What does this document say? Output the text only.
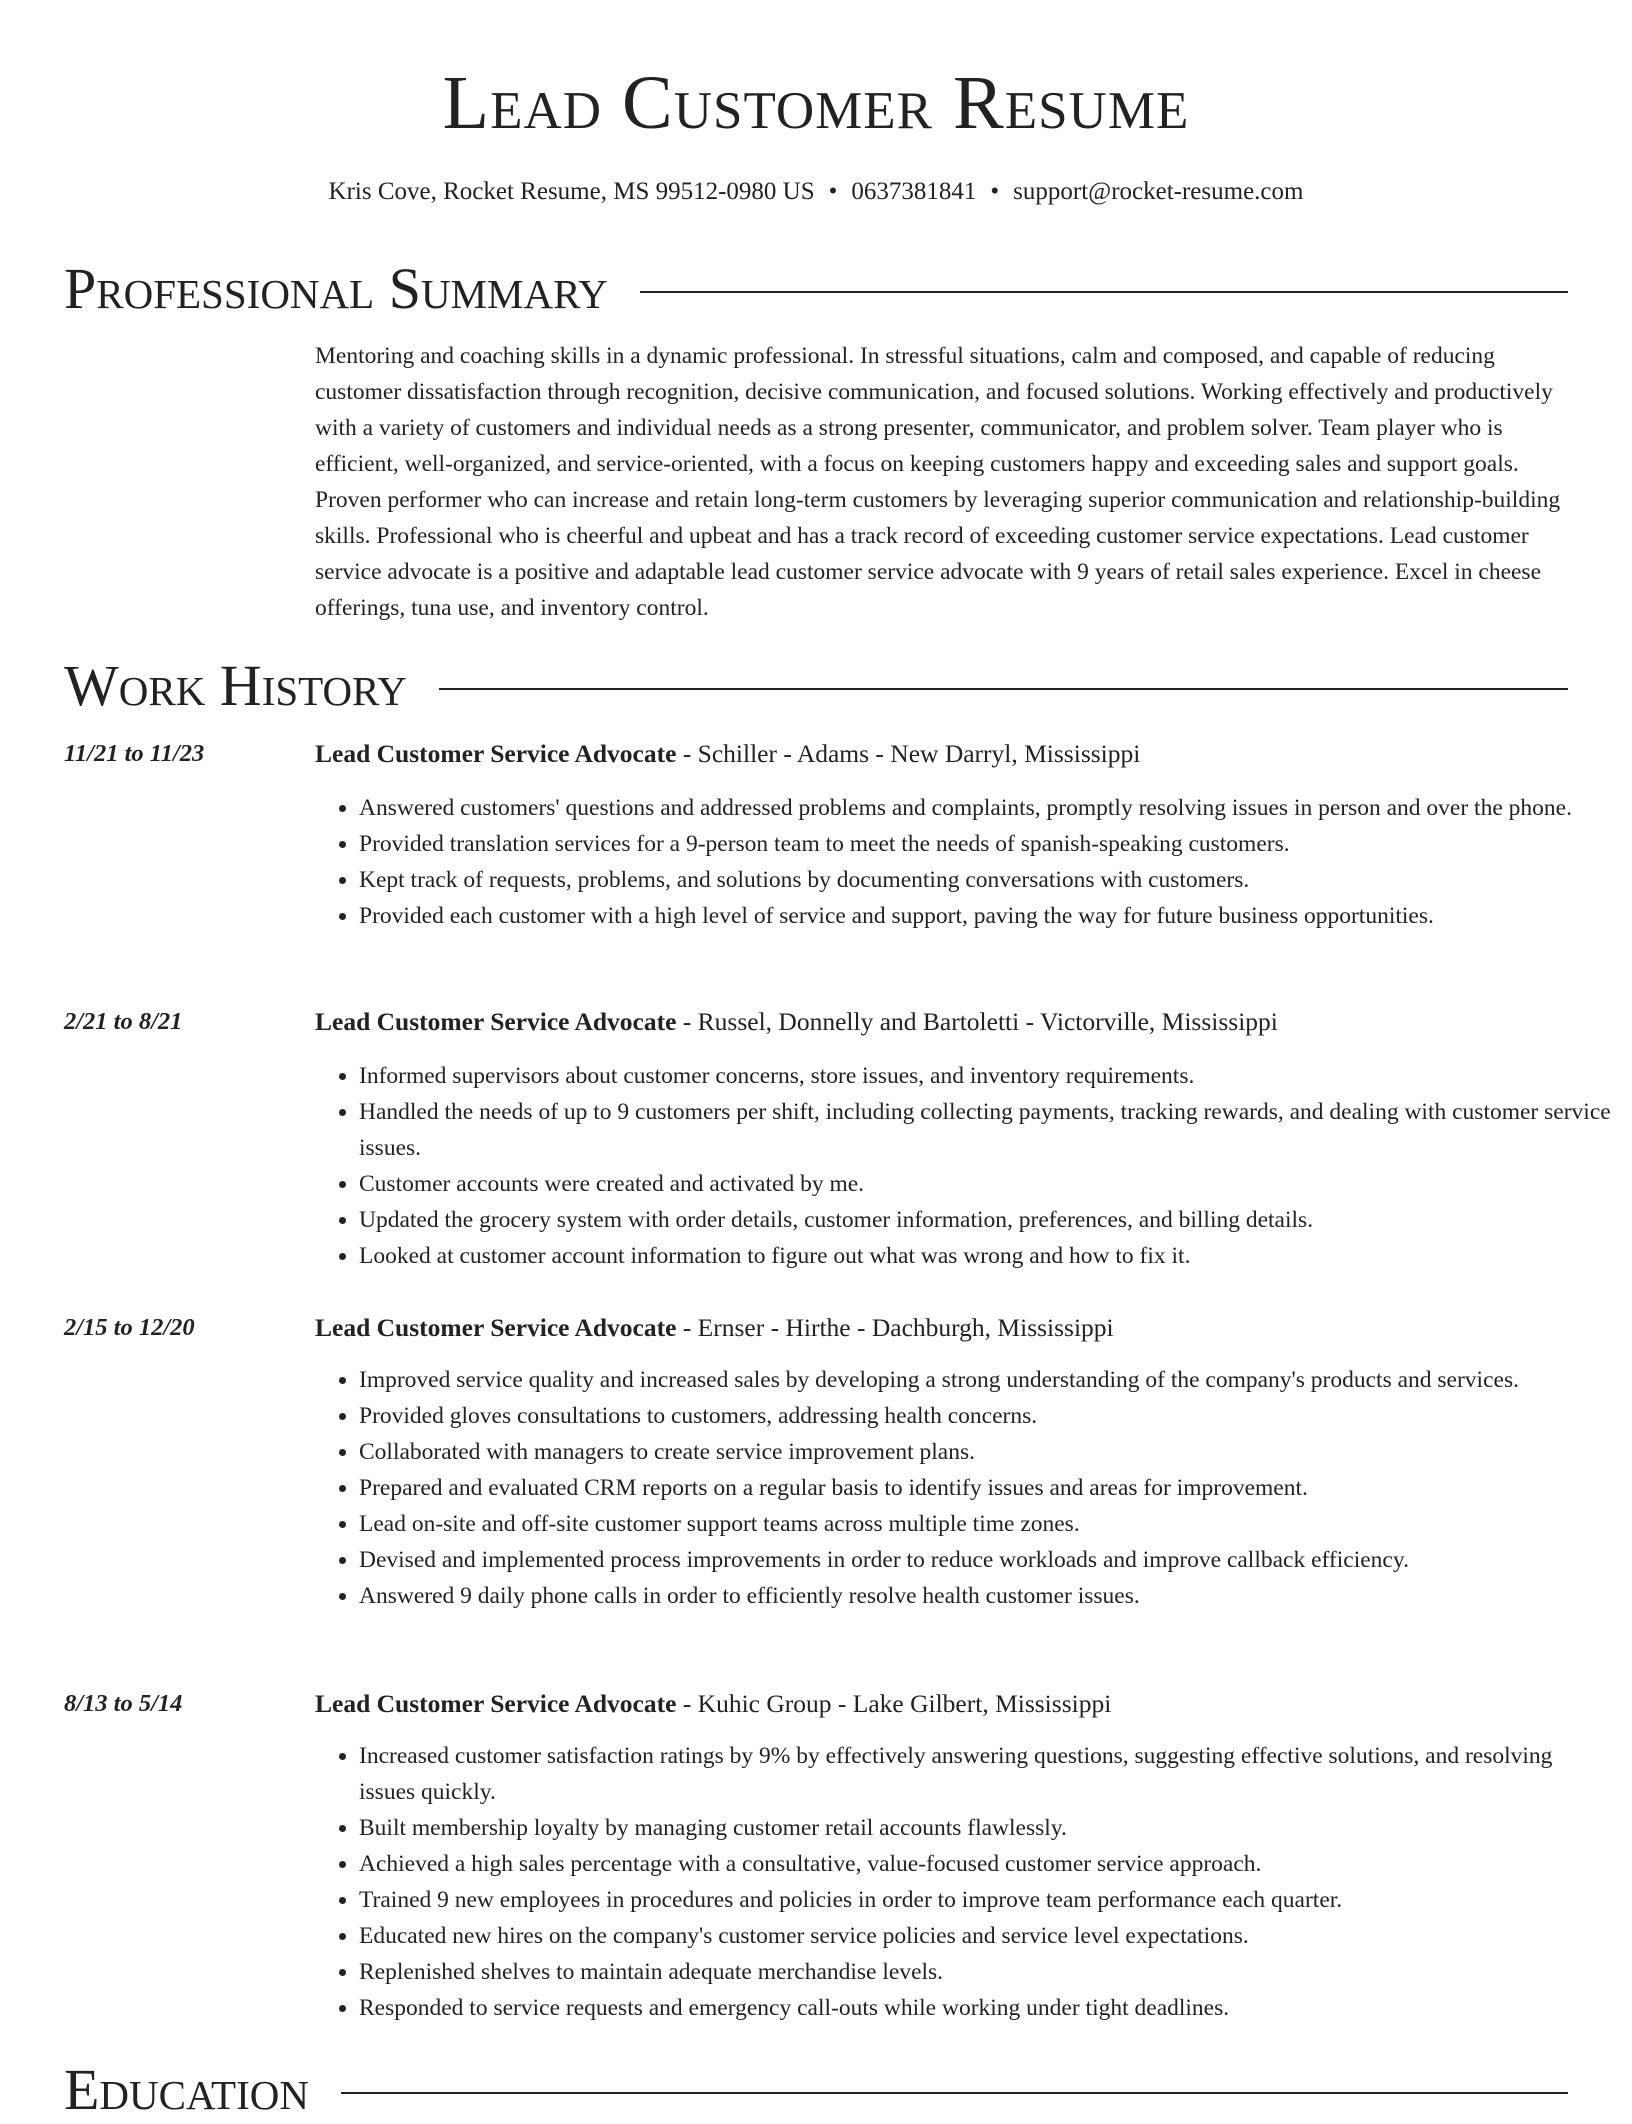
Lead Customer Resume
Kris Cove, Rocket Resume, MS 99512-0980 US • 0637381841 • support@rocket-resume.com
Professional Summary
Mentoring and coaching skills in a dynamic professional. In stressful situations, calm and composed, and capable of reducing customer dissatisfaction through recognition, decisive communication, and focused solutions. Working effectively and productively with a variety of customers and individual needs as a strong presenter, communicator, and problem solver. Team player who is efficient, well-organized, and service-oriented, with a focus on keeping customers happy and exceeding sales and support goals. Proven performer who can increase and retain long-term customers by leveraging superior communication and relationship-building skills. Professional who is cheerful and upbeat and has a track record of exceeding customer service expectations. Lead customer service advocate is a positive and adaptable lead customer service advocate with 9 years of retail sales experience. Excel in cheese offerings, tuna use, and inventory control.
Work History
11/21 to 11/23	Lead Customer Service Advocate - Schiller - Adams - New Darryl, Mississippi
• Answered customers' questions and addressed problems and complaints, promptly resolving issues in person and over the phone.
• Provided translation services for a 9-person team to meet the needs of spanish-speaking customers.
• Kept track of requests, problems, and solutions by documenting conversations with customers.
• Provided each customer with a high level of service and support, paving the way for future business opportunities.
2/21 to 8/21	Lead Customer Service Advocate - Russel, Donnelly and Bartoletti - Victorville, Mississippi
• Informed supervisors about customer concerns, store issues, and inventory requirements.
• Handled the needs of up to 9 customers per shift, including collecting payments, tracking rewards, and dealing with customer service issues.
• Customer accounts were created and activated by me.
• Updated the grocery system with order details, customer information, preferences, and billing details.
• Looked at customer account information to figure out what was wrong and how to fix it.
2/15 to 12/20	Lead Customer Service Advocate - Ernser - Hirthe - Dachburgh, Mississippi
• Improved service quality and increased sales by developing a strong understanding of the company's products and services.
• Provided gloves consultations to customers, addressing health concerns.
• Collaborated with managers to create service improvement plans.
• Prepared and evaluated CRM reports on a regular basis to identify issues and areas for improvement.
• Lead on-site and off-site customer support teams across multiple time zones.
• Devised and implemented process improvements in order to reduce workloads and improve callback efficiency.
• Answered 9 daily phone calls in order to efficiently resolve health customer issues.
8/13 to 5/14	Lead Customer Service Advocate - Kuhic Group - Lake Gilbert, Mississippi
• Increased customer satisfaction ratings by 9% by effectively answering questions, suggesting effective solutions, and resolving issues quickly.
• Built membership loyalty by managing customer retail accounts flawlessly.
• Achieved a high sales percentage with a consultative, value-focused customer service approach.
• Trained 9 new employees in procedures and policies in order to improve team performance each quarter.
• Educated new hires on the company's customer service policies and service level expectations.
• Replenished shelves to maintain adequate merchandise levels.
• Responded to service requests and emergency call-outs while working under tight deadlines.
Education
